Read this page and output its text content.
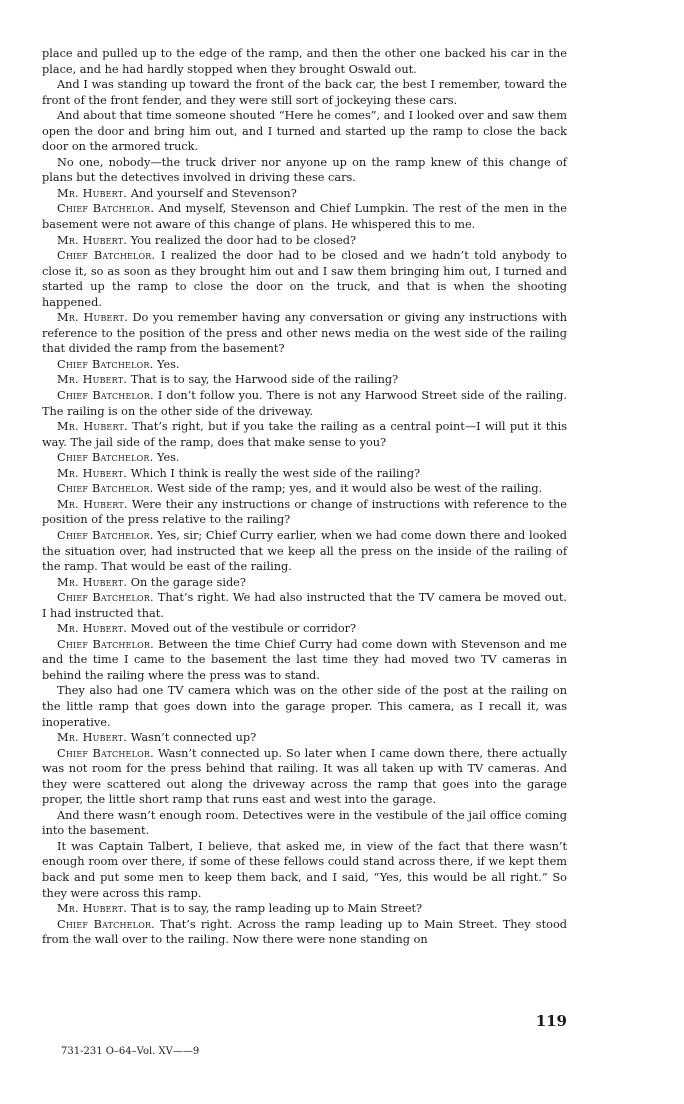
place and pulled up to the edge of the ramp, and then the other one backed his car in the place, and he had hardly stopped when they brought Oswald out.

And I was standing up toward the front of the back car, the best I remember, toward the front of the front fender, and they were still sort of jockeying these cars.

And about that time someone shouted “Here he comes”, and I looked over and saw them open the door and bring him out, and I turned and started up the ramp to close the back door on the armored truck.

No one, nobody—the truck driver nor anyone up on the ramp knew of this change of plans but the detectives involved in driving these cars.

Mr. Hubert. And yourself and Stevenson?

Chief Batchelor. And myself, Stevenson and Chief Lumpkin. The rest of the men in the basement were not aware of this change of plans. He whispered this to me.

Mr. Hubert. You realized the door had to be closed?

Chief Batchelor. I realized the door had to be closed and we hadn’t told anybody to close it, so as soon as they brought him out and I saw them bringing him out, I turned and started up the ramp to close the door on the truck, and that is when the shooting happened.

Mr. Hubert. Do you remember having any conversation or giving any instructions with reference to the position of the press and other news media on the west side of the railing that divided the ramp from the basement?

Chief Batchelor. Yes.

Mr. Hubert. That is to say, the Harwood side of the railing?

Chief Batchelor. I don’t follow you. There is not any Harwood Street side of the railing. The railing is on the other side of the driveway.

Mr. Hubert. That’s right, but if you take the railing as a central point—I will put it this way. The jail side of the ramp, does that make sense to you?

Chief Batchelor. Yes.

Mr. Hubert. Which I think is really the west side of the railing?

Chief Batchelor. West side of the ramp; yes, and it would also be west of the railing.

Mr. Hubert. Were their any instructions or change of instructions with reference to the position of the press relative to the railing?

Chief Batchelor. Yes, sir; Chief Curry earlier, when we had come down there and looked the situation over, had instructed that we keep all the press on the inside of the railing of the ramp. That would be east of the railing.

Mr. Hubert. On the garage side?

Chief Batchelor. That’s right. We had also instructed that the TV camera be moved out. I had instructed that.

Mr. Hubert. Moved out of the vestibule or corridor?

Chief Batchelor. Between the time Chief Curry had come down with Stevenson and me and the time I came to the basement the last time they had moved two TV cameras in behind the railing where the press was to stand.

They also had one TV camera which was on the other side of the post at the railing on the little ramp that goes down into the garage proper. This camera, as I recall it, was inoperative.

Mr. Hubert. Wasn’t connected up?

Chief Batchelor. Wasn’t connected up. So later when I came down there, there actually was not room for the press behind that railing. It was all taken up with TV cameras. And they were scattered out along the driveway across the ramp that goes into the garage proper, the little short ramp that runs east and west into the garage.

And there wasn’t enough room. Detectives were in the vestibule of the jail office coming into the basement.

It was Captain Talbert, I believe, that asked me, in view of the fact that there wasn’t enough room over there, if some of these fellows could stand across there, if we kept them back and put some men to keep them back, and I said, “Yes, this would be all right.” So they were across this ramp.

Mr. Hubert. That is to say, the ramp leading up to Main Street?

Chief Batchelor. That’s right. Across the ramp leading up to Main Street. They stood from the wall over to the railing. Now there were none standing on

119
731-231 O–64–Vol. XV——9
